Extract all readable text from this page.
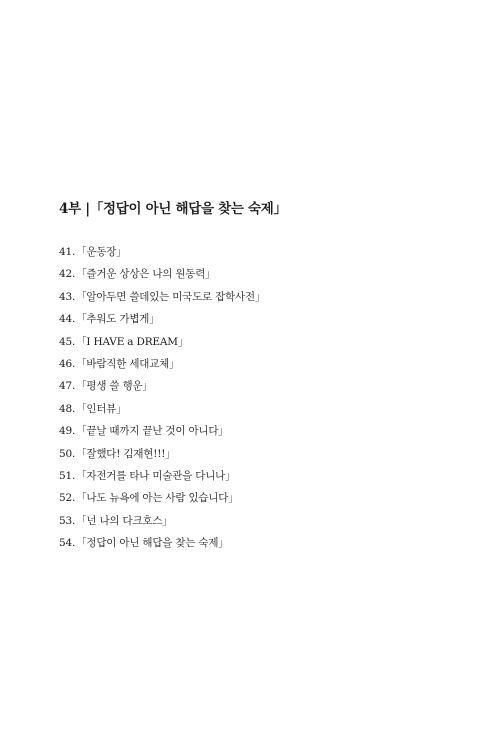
4부 |「정답이 아닌 해답을 찾는 숙제」
41.「운동장」
42.「즐거운 상상은 나의 원동력」
43.「알아두면 쓸데있는 미국도로 잡학사전」
44.「추워도 가볍게」
45.「I HAVE a DREAM」
46.「바람직한 세대교체」
47.「평생 쓸 행운」
48.「인터뷰」
49.「끝날 때까지 끝난 것이 아니다」
50.「잘했다! 김재현!!!」
51.「자전거를 타나 미술관을 다니나」
52.「나도 뉴욕에 아는 사람 있습니다」
53.「넌 나의 다크호스」
54.「정답이 아닌 해답을 찾는 숙제」
